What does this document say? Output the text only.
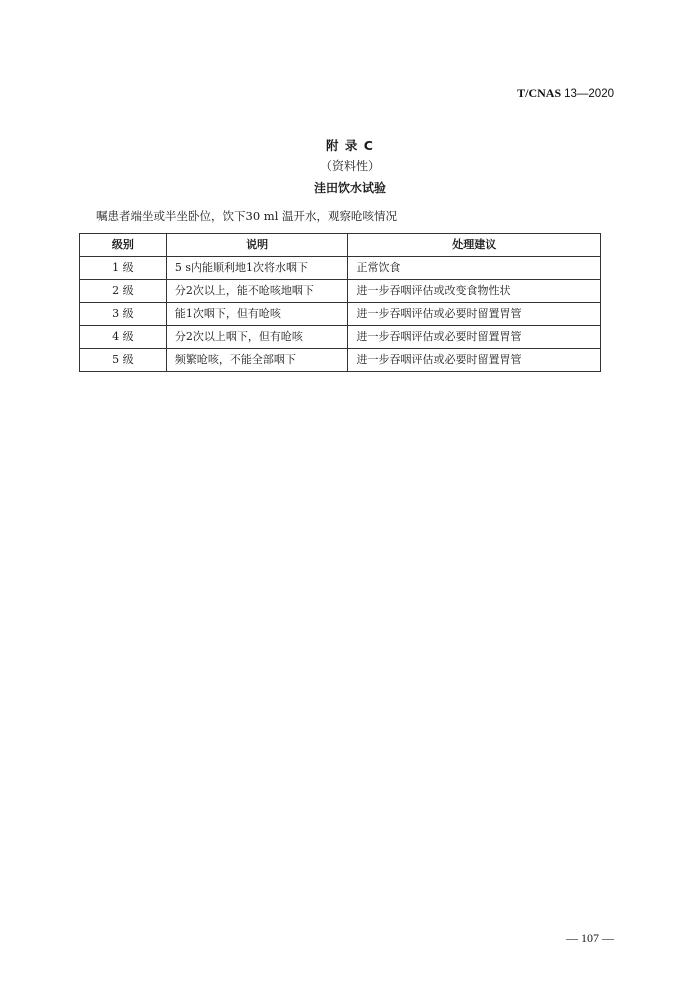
T/CNAS 13—2020
附 录 C
（资料性）
洼田饮水试验
嘱患者端坐或半坐卧位，饮下30 ml 温开水，观察呛咳情况
级别	说明	处理建议
1 级	5 s内能顺利地1次将水咽下	正常饮食
2 级	分2次以上，能不呛咳地咽下	进一步吞咽评估或改变食物性状
3 级	能1次咽下，但有呛咳	进一步吞咽评估或必要时留置胃管
4 级	分2次以上咽下，但有呛咳	进一步吞咽评估或必要时留置胃管
5 级	频繁呛咳，不能全部咽下	进一步吞咽评估或必要时留置胃管
— 107 —
